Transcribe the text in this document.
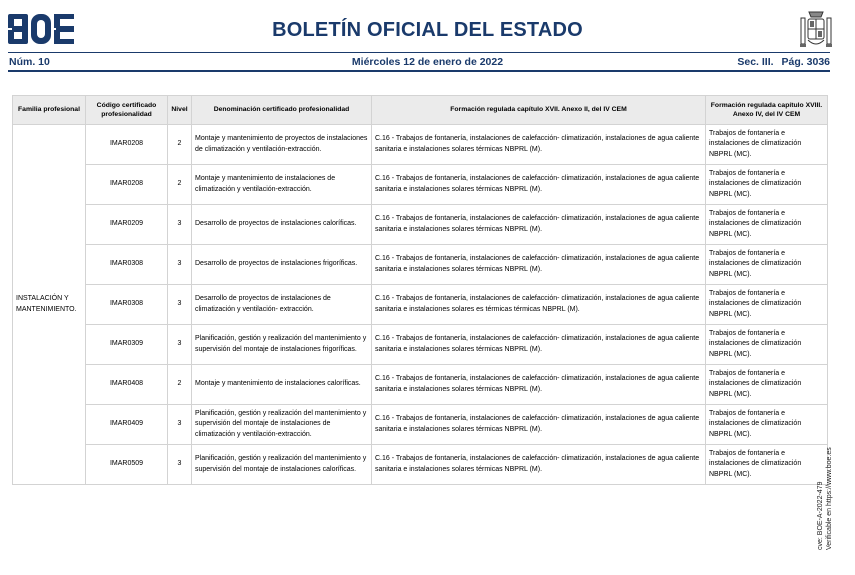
BOLETÍN OFICIAL DEL ESTADO
Núm. 10	Miércoles 12 de enero de 2022	Sec. III. Pág. 3036
Familia profesional	Código certificado profesionalidad	Nivel	Denominación certificado profesionalidad	Formación regulada capítulo XVII. Anexo II, del IV CEM	Formación regulada capítulo XVIII. Anexo IV, del IV CEM
INSTALACIÓN Y MANTENIMIENTO.	IMAR0208	2	Montaje y mantenimiento de proyectos de instalaciones de climatización y ventilación-extracción.	C.16 - Trabajos de fontanería, instalaciones de calefacción- climatización, instalaciones de agua caliente sanitaria e instalaciones solares térmicas NBPRL (M).	Trabajos de fontanería e instalaciones de climatización NBPRL (MC).
	IMAR0208	2	Montaje y mantenimiento de instalaciones de climatización y ventilación-extracción.	C.16 - Trabajos de fontanería, instalaciones de calefacción- climatización, instalaciones de agua caliente sanitaria e instalaciones solares térmicas NBPRL (M).	Trabajos de fontanería e instalaciones de climatización NBPRL (MC).
	IMAR0209	3	Desarrollo de proyectos de instalaciones caloríficas.	C.16 - Trabajos de fontanería, instalaciones de calefacción- climatización, instalaciones de agua caliente sanitaria e instalaciones solares térmicas NBPRL (M).	Trabajos de fontanería e instalaciones de climatización NBPRL (MC).
	IMAR0308	3	Desarrollo de proyectos de instalaciones frigoríficas.	C.16 - Trabajos de fontanería, instalaciones de calefacción- climatización, instalaciones de agua caliente sanitaria e instalaciones solares térmicas NBPRL (M).	Trabajos de fontanería e instalaciones de climatización NBPRL (MC).
	IMAR0308	3	Desarrollo de proyectos de instalaciones de climatización y ventilación- extracción.	C.16 - Trabajos de fontanería, instalaciones de calefacción- climatización, instalaciones de agua caliente sanitaria e instalaciones solares es térmicas térmicas NBPRL (M).	Trabajos de fontanería e instalaciones de climatización NBPRL (MC).
	IMAR0309	3	Planificación, gestión y realización del mantenimiento y supervisión del montaje de instalaciones frigoríficas.	C.16 - Trabajos de fontanería, instalaciones de calefacción- climatización, instalaciones de agua caliente sanitaria e instalaciones solares térmicas NBPRL (M).	Trabajos de fontanería e instalaciones de climatización NBPRL (MC).
	IMAR0408	2	Montaje y mantenimiento de instalaciones caloríficas.	C.16 - Trabajos de fontanería, instalaciones de calefacción- climatización, instalaciones de agua caliente sanitaria e instalaciones solares térmicas NBPRL (M).	Trabajos de fontanería e instalaciones de climatización NBPRL (MC).
	IMAR0409	3	Planificación, gestión y realización del mantenimiento y supervisión del montaje de instalaciones de climatización y ventilación-extracción.	C.16 - Trabajos de fontanería, instalaciones de calefacción- climatización, instalaciones de agua caliente sanitaria e instalaciones solares térmicas NBPRL (M).	Trabajos de fontanería e instalaciones de climatización NBPRL (MC).
	IMAR0509	3	Planificación, gestión y realización del mantenimiento y supervisión del montaje de instalaciones caloríficas.	C.16 - Trabajos de fontanería, instalaciones de calefacción- climatización, instalaciones de agua caliente sanitaria e instalaciones solares térmicas NBPRL (M).	Trabajos de fontanería e instalaciones de climatización NBPRL (MC).
cve: BOE-A-2022-479 Verificable en https://www.boe.es
